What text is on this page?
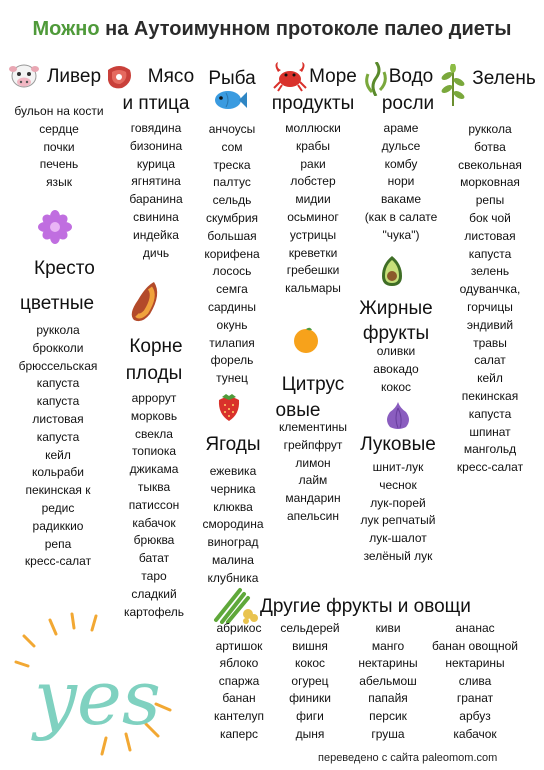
Можно на Аутоимунном протоколе палео диеты
yes
Ливер
бульон на кости
сердце
почки
печень
язык
Мясо
и птица
говядина
бизонина
курица
ягнятина
баранина
свинина
индейка
дичь
Рыба
анчоусы
сом
треска
палтус
сельдь
скумбрия
большая
корифена
лосось
семга
сардины
окунь
тилапия
форель
тунец
Море
продукты
моллюски
крабы
раки
лобстер
мидии
осьминог
устрицы
креветки
гребешки
кальмары
Водо
росли
араме
дульсе
комбу
нори
вакаме
(как в салате
"чука")
Зелень
руккола
ботва
свекольная
морковная
репы
бок чой
листовая
капуста
зелень
одуванчка,
горчицы
эндивий
травы
салат
кейл
пекинская
капуста
шпинат
мангольд
кресс-салат
Кресто
цветные
руккола
брокколи
брюссельская
капуста
капуста
листовая
капуста
кейл
кольраби
пекинская к
редис
радиккио
репа
кресс-салат
Корне
плоды
аррорут
морковь
свекла
топиока
джикама
тыква
патиссон
кабачок
брюква
батат
таро
сладкий
картофель
Ягоды
ежевика
черника
клюква
смородина
виноград
малина
клубника
Цитрус
овые
клементины
грейпфрут
лимон
лайм
мандарин
апельсин
Жирные
фрукты
оливки
авокадо
кокос
Луковые
шнит-лук
чеснок
лук-порей
лук репчатый
лук-шалот
зелёный лук
Другие фрукты и овощи
абрикос
артишок
яблоко
спаржа
банан
кантелуп
каперс
сельдерей
вишня
кокос
огурец
финики
фиги
дыня
киви
манго
нектарины
абельмош
папайя
персик
груша
ананас
банан овощной
нектарины
слива
гранат
арбуз
кабачок
переведено с сайта paleomom.com
